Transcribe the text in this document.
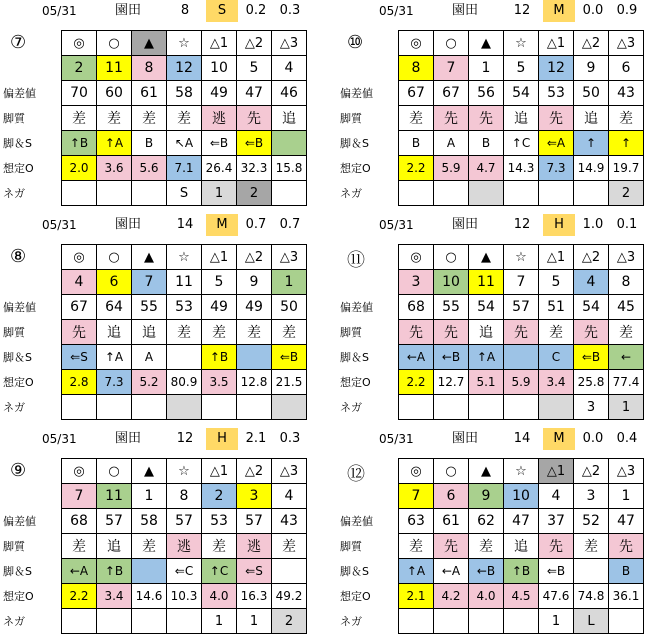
05/31	園田	8	S	0.2	0.3
⑦
		◎	○	▲	☆	△1	△2	△3
	2	11	8	12	10	5	4
偏差値	70	60	61	58	49	47	46
脚質	差	差	差	差	逃	先	追
脚＆S	↑B	↑A	B	↖A	⇐B	⇐B	
想定O	2.0	3.6	5.6	7.1	26.4	32.3	15.8
ネガ				S	1	2	
05/31	園田	12	M	0.0	0.9
⑩
		◎	○	▲	☆	△1	△2	△3
	8	7	1	5	12	9	6
偏差値	67	67	56	54	53	50	43
脚質	差	先	先	追	先	追	差
脚＆S	B	A	B	↑C	⇐A	↑	↑
想定O	2.2	5.9	4.7	14.3	7.3	14.9	19.7
ネガ							2
05/31	園田	14	M	0.7	0.7
⑧
		◎	○	▲	☆	△1	△2	△3
	4	6	7	11	5	9	1
偏差値	67	64	55	53	49	49	50
脚質	先	追	追	差	差	差	差
脚＆S	⇐S	↑A	A		↑B		⇐B
想定O	2.8	7.3	5.2	80.9	3.5	12.8	21.5
ネガ							
05/31	園田	12	H	1.0	0.1
⑪
		◎	○	▲	☆	△1	△2	△3
	3	10	11	7	5	4	8
偏差値	68	55	54	57	51	54	45
脚質	先	先	追	先	差	先	差
脚＆S	←A	←B	↑A		C	⇐B	←
想定O	2.2	12.7	5.1	5.9	3.4	25.8	77.4
ネガ						3	1
05/31	園田	12	H	2.1	0.3
⑨
		◎	○	▲	☆	△1	△2	△3
	7	11	1	8	2	3	4
偏差値	68	57	58	57	53	57	43
脚質	差	追	差	逃	差	逃	差
脚＆S	←A	↑B		⇐C	↑C	⇐S	
想定O	2.2	3.4	14.6	10.3	4.0	16.3	49.2
ネガ					1	1	2
05/31	園田	14	M	0.0	0.4
⑫
		◎	○	▲	☆	△1	△2	△3
	7	6	9	10	4	3	1
偏差値	63	61	62	47	37	52	47
脚質	差	先	差	追	先	差	先
脚＆S	↑A	←A	←B	↑B	⇐B		B
想定O	2.1	4.2	4.0	4.5	47.6	74.8	36.1
ネガ					1	L	
